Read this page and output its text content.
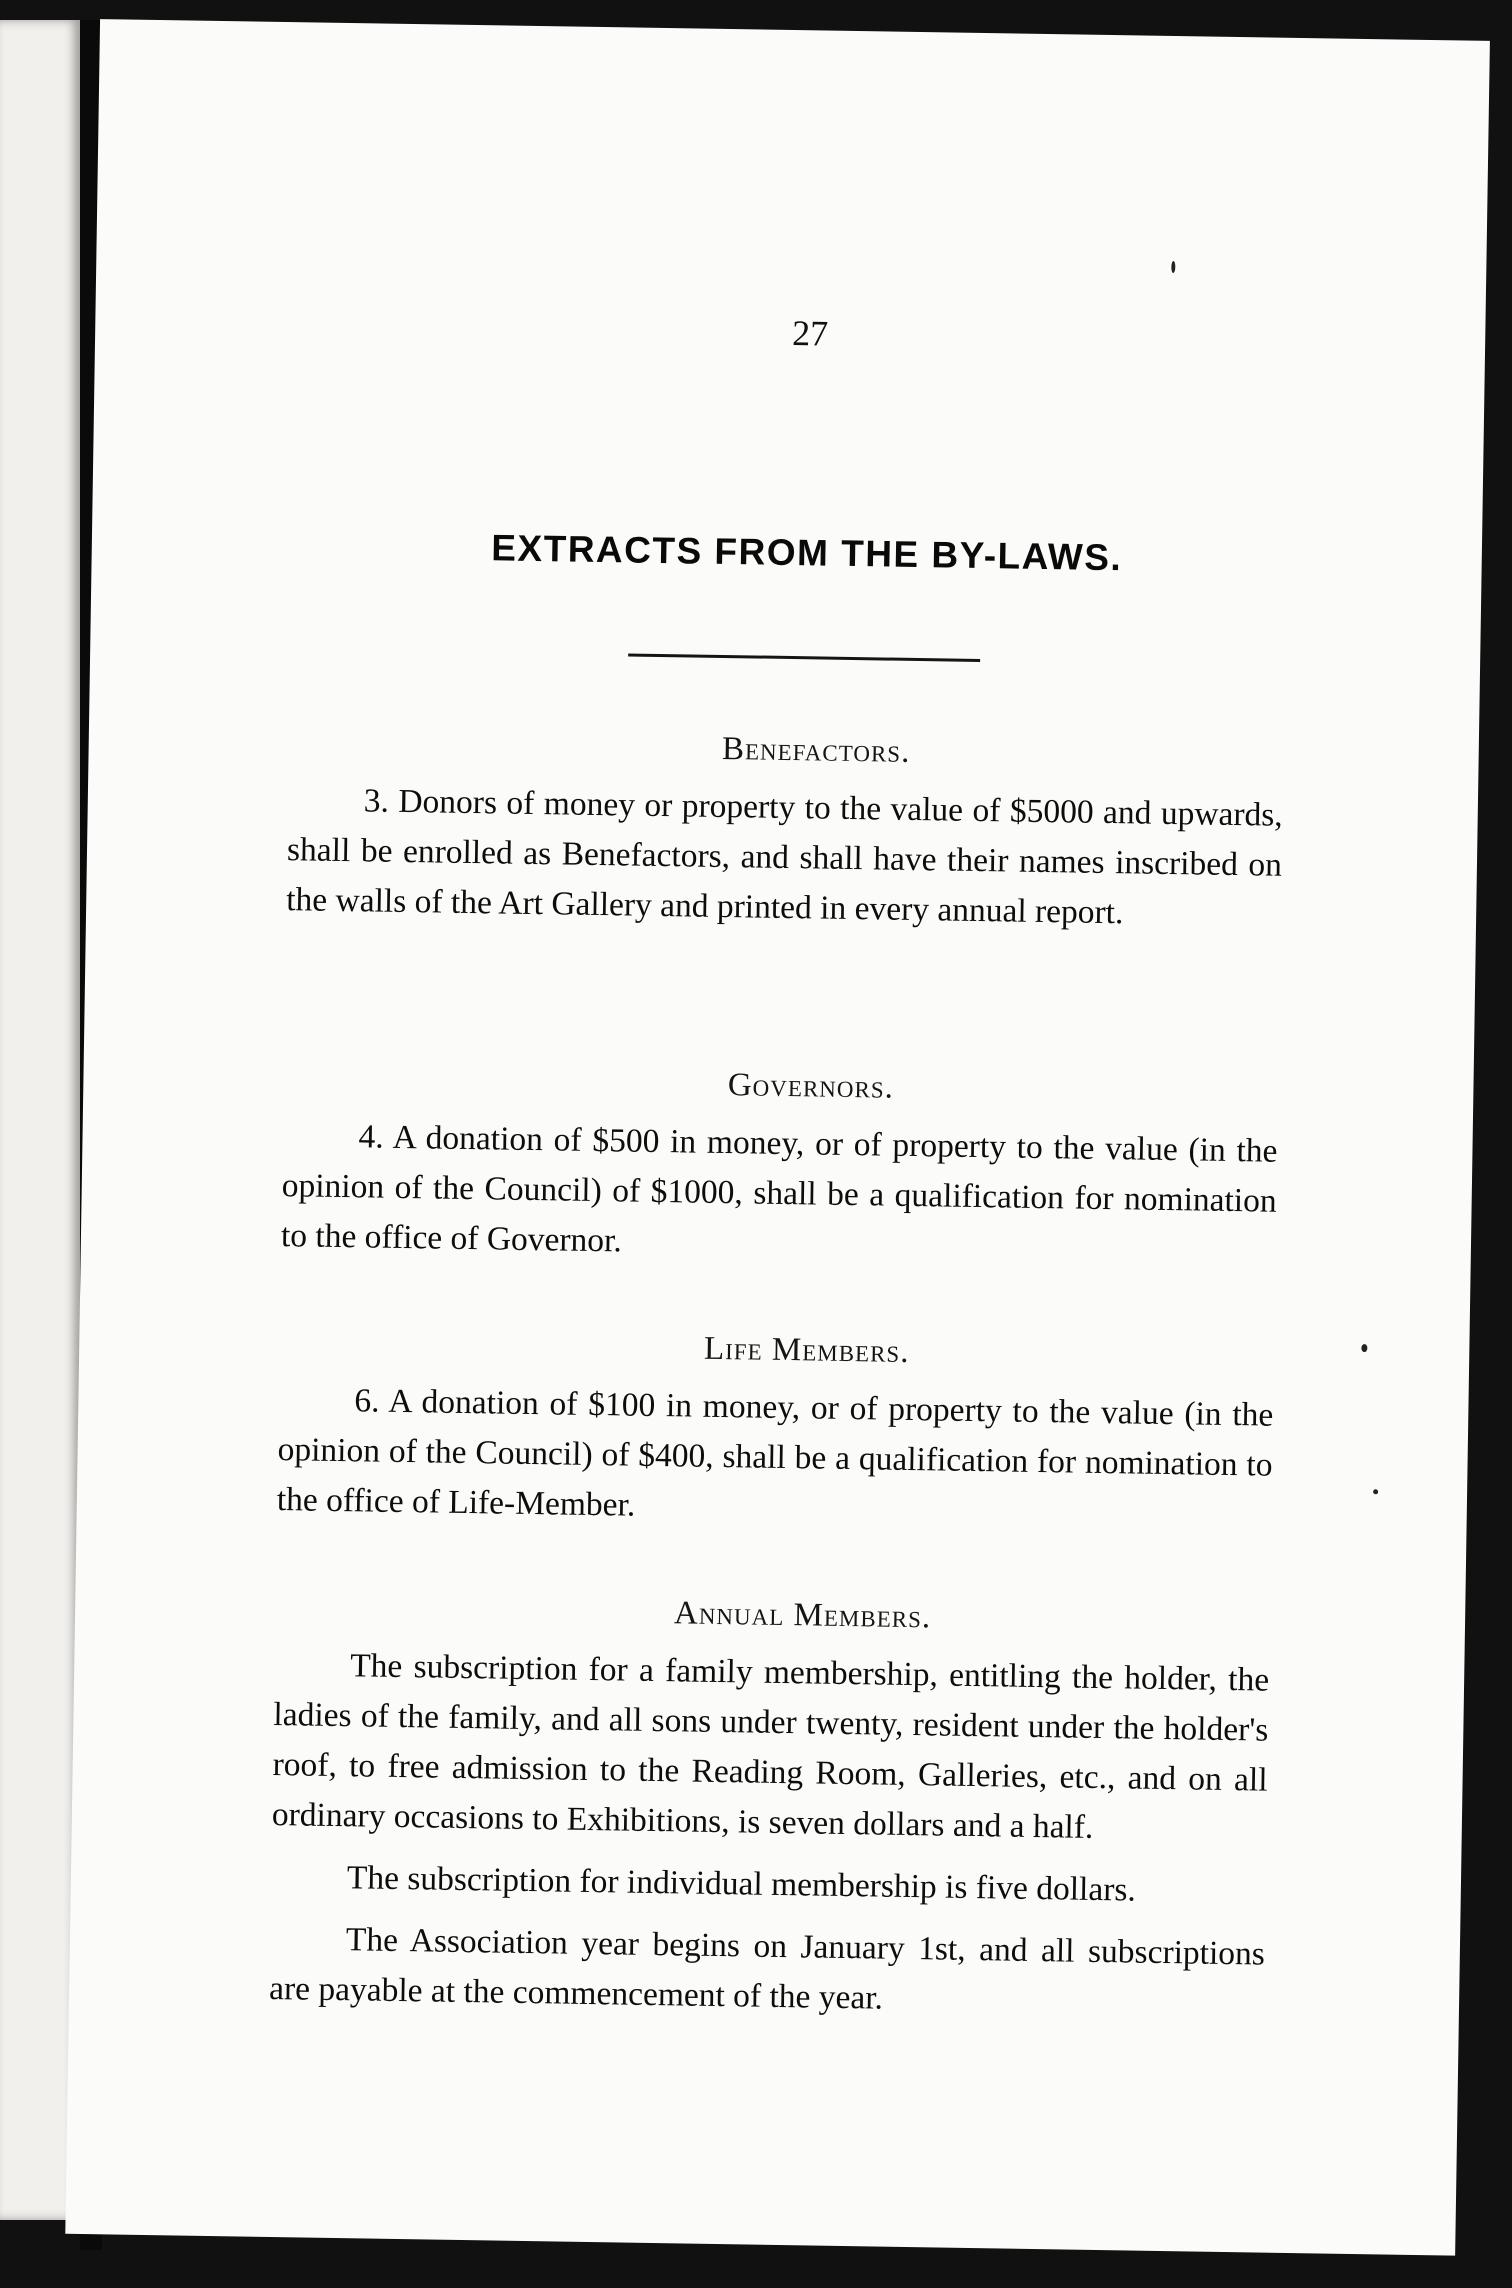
27
EXTRACTS FROM THE BY-LAWS.
Benefactors.

3. Donors of money or property to the value of $5000 and upwards, shall be enrolled as Benefactors, and shall have their names inscribed on the walls of the Art Gallery and printed in every annual report.

Governors.

4. A donation of $500 in money, or of property to the value (in the opinion of the Council) of $1000, shall be a qualification for nomination to the office of Governor.

Life Members.

6. A donation of $100 in money, or of property to the value (in the opinion of the Council) of $400, shall be a qualification for nomination to the office of Life-Member.

Annual Members.

The subscription for a family membership, entitling the holder, the ladies of the family, and all sons under twenty, resident under the holder's roof, to free admission to the Reading Room, Galleries, etc., and on all ordinary occasions to Exhibitions, is seven dollars and a half.

The subscription for individual membership is five dollars.

The Association year begins on January 1st, and all subscriptions are payable at the commencement of the year.
